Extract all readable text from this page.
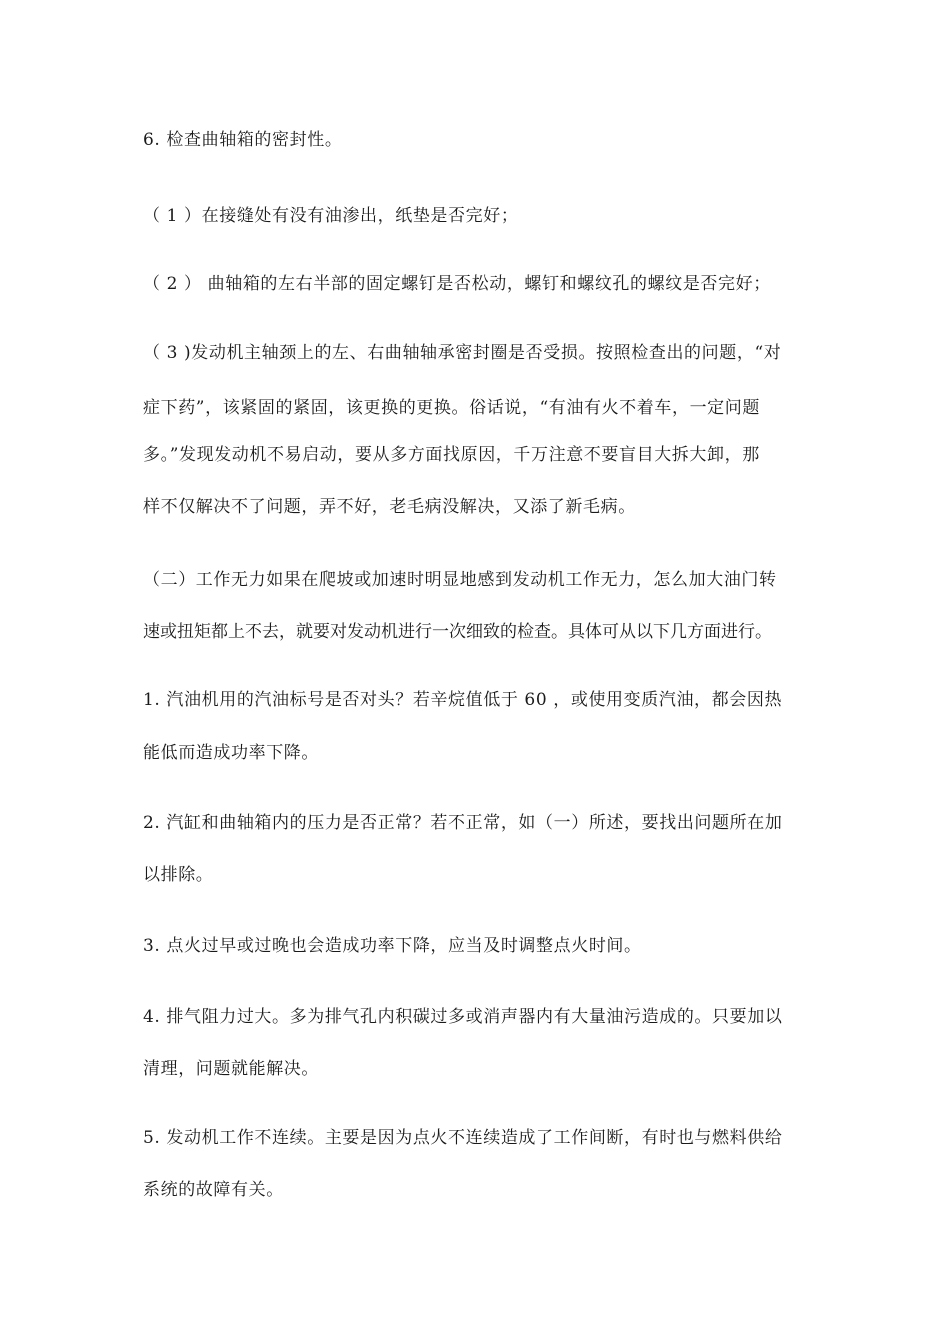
6. 检查曲轴箱的密封性。
（ 1 ）在接缝处有没有油渗出，纸垫是否完好；
（ 2 ） 曲轴箱的左右半部的固定螺钉是否松动，螺钉和螺纹孔的螺纹是否完好；
（ 3 )发动机主轴颈上的左、右曲轴轴承密封圈是否受损。按照检查出的问题，“对
症下药”，该紧固的紧固，该更换的更换。俗话说，“有油有火不着车，一定问题
多。”发现发动机不易启动，要从多方面找原因，千万注意不要盲目大拆大卸，那
样不仅解决不了问题，弄不好，老毛病没解决，又添了新毛病。
（二）工作无力如果在爬坡或加速时明显地感到发动机工作无力，怎么加大油门转
速或扭矩都上不去，就要对发动机进行一次细致的检查。具体可从以下几方面进行。
1. 汽油机用的汽油标号是否对头？若辛烷值低于 60 ，或使用变质汽油，都会因热
能低而造成功率下降。
2. 汽缸和曲轴箱内的压力是否正常？若不正常，如（一）所述，要找出问题所在加
以排除。
3. 点火过早或过晚也会造成功率下降，应当及时调整点火时间。
4. 排气阻力过大。多为排气孔内积碳过多或消声器内有大量油污造成的。只要加以
清理，问题就能解决。
5. 发动机工作不连续。主要是因为点火不连续造成了工作间断，有时也与燃料供给
系统的故障有关。
